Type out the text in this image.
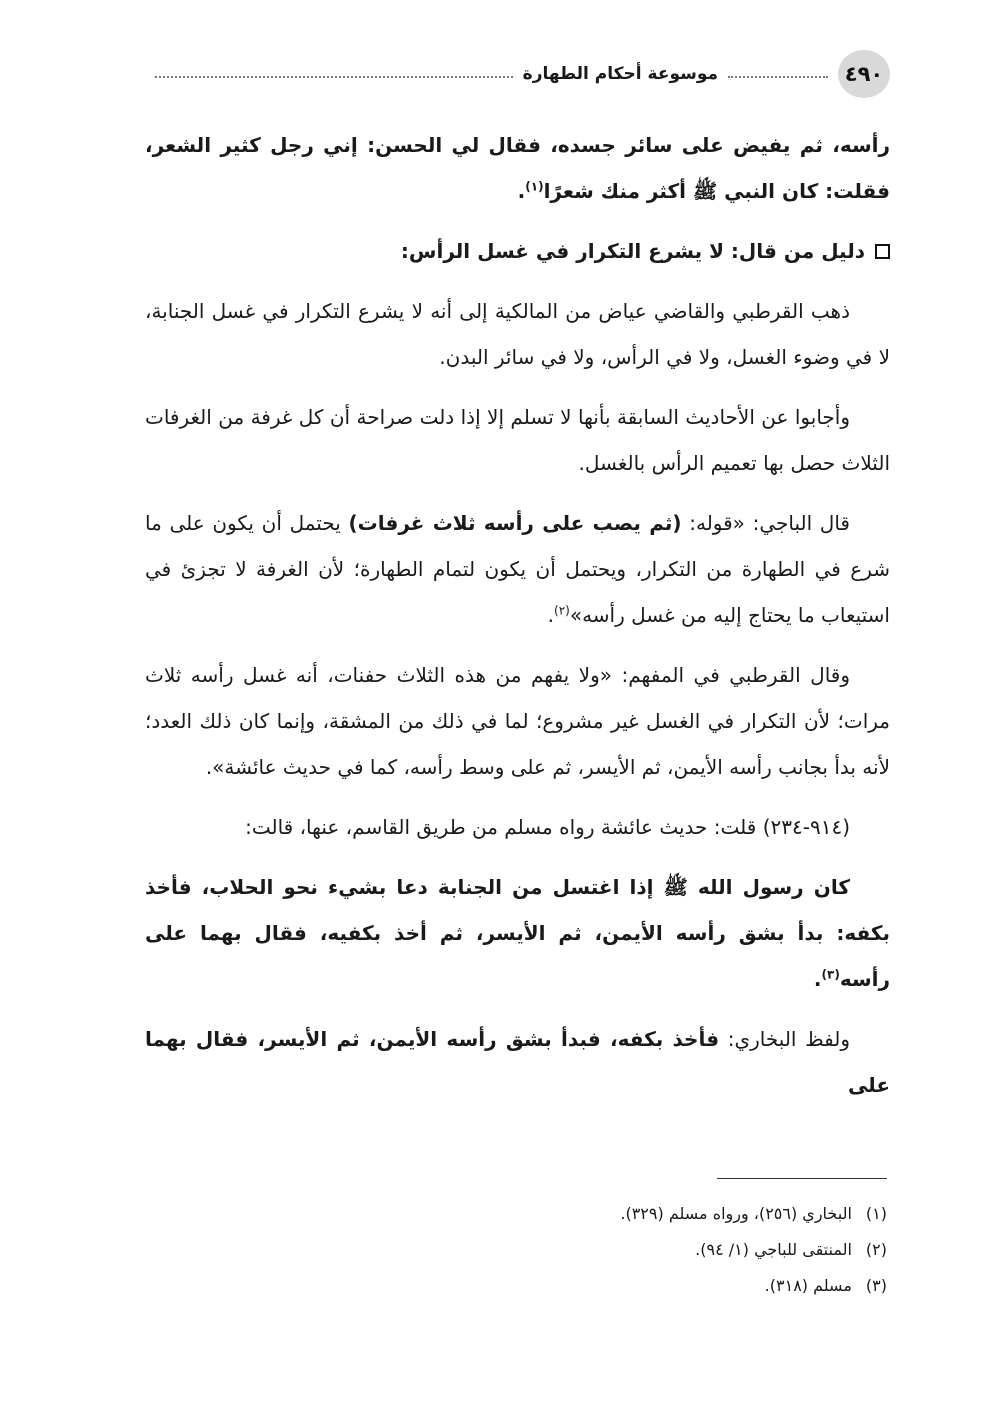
٤٩٠
موسوعة أحكام الطهارة

رأسه، ثم يفيض على سائر جسده، فقال لي الحسن: إني رجل كثير الشعر، فقلت: كان النبي ﷺ أكثر منك شعرًا$^{(١)}$.

دليل من قال: لا يشرع التكرار في غسل الرأس:

ذهب القرطبي والقاضي عياض من المالكية إلى أنه لا يشرع التكرار في غسل الجنابة، لا في وضوء الغسل، ولا في الرأس، ولا في سائر البدن.

وأجابوا عن الأحاديث السابقة بأنها لا تسلم إلا إذا دلت صراحة أن كل غرفة من الغرفات الثلاث حصل بها تعميم الرأس بالغسل.

قال الباجي: «قوله: (ثم يصب على رأسه ثلاث غرفات) يحتمل أن يكون على ما شرع في الطهارة من التكرار، ويحتمل أن يكون لتمام الطهارة؛ لأن الغرفة لا تجزئ في استيعاب ما يحتاج إليه من غسل رأسه»$^{(٢)}$.

وقال القرطبي في المفهم: «ولا يفهم من هذه الثلاث حفنات، أنه غسل رأسه ثلاث مرات؛ لأن التكرار في الغسل غير مشروع؛ لما في ذلك من المشقة، وإنما كان ذلك العدد؛ لأنه بدأ بجانب رأسه الأيمن، ثم الأيسر، ثم على وسط رأسه، كما في حديث عائشة».

(٩١٤-٢٣٤) قلت: حديث عائشة رواه مسلم من طريق القاسم، عنها، قالت:

كان رسول الله ﷺ إذا اغتسل من الجنابة دعا بشيء نحو الحلاب، فأخذ بكفه: بدأ بشق رأسه الأيمن، ثم الأيسر، ثم أخذ بكفيه، فقال بهما على رأسه$^{(٣)}$.

ولفظ البخاري: فأخذ بكفه، فبدأ بشق رأسه الأيمن، ثم الأيسر، فقال بهما على

(١)
البخاري (٢٥٦)، ورواه مسلم (٣٢٩).
(٢)
المنتقى للباجي (١/ ٩٤).
(٣)
مسلم (٣١٨).
